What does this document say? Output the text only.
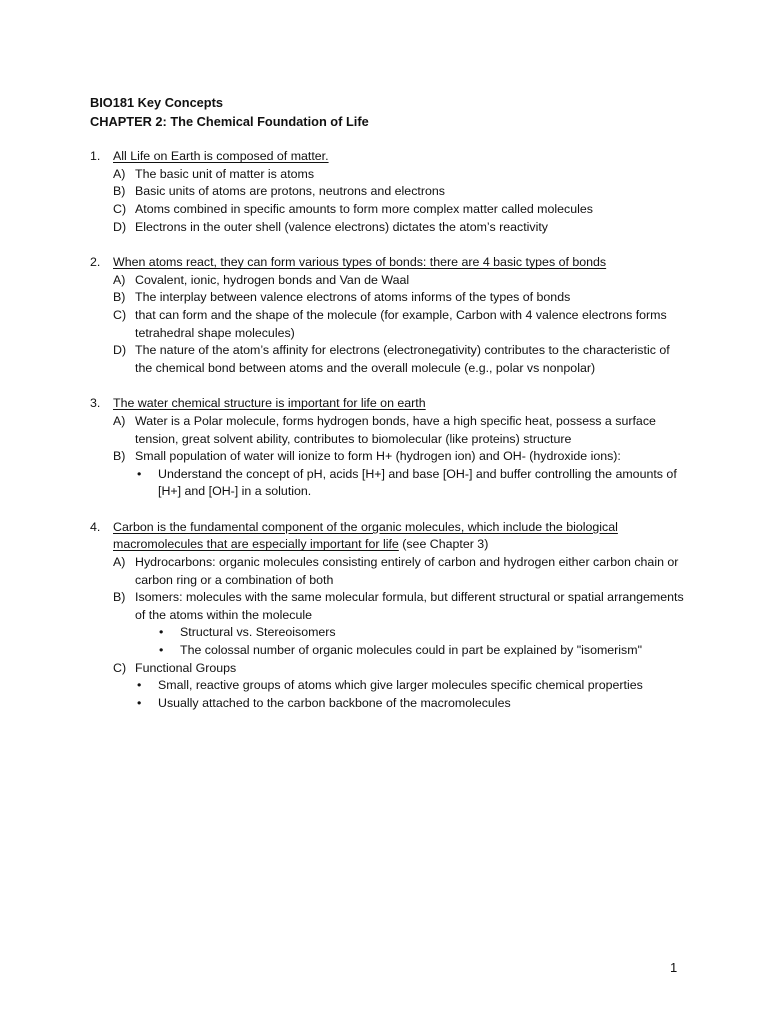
BIO181 Key Concepts
CHAPTER 2: The Chemical Foundation of Life
1. All Life on Earth is composed of matter.
A) The basic unit of matter is atoms
B) Basic units of atoms are protons, neutrons and electrons
C) Atoms combined in specific amounts to form more complex matter called molecules
D) Electrons in the outer shell (valence electrons) dictates the atom’s reactivity
2. When atoms react, they can form various types of bonds: there are 4 basic types of bonds
A) Covalent, ionic, hydrogen bonds and Van de Waal
B) The interplay between valence electrons of atoms informs of the types of bonds
C) that can form and the shape of the molecule (for example, Carbon with 4 valence electrons forms tetrahedral shape molecules)
D) The nature of the atom’s affinity for electrons (electronegativity) contributes to the characteristic of the chemical bond between atoms and the overall molecule (e.g., polar vs nonpolar)
3. The water chemical structure is important for life on earth
A) Water is a Polar molecule, forms hydrogen bonds, have a high specific heat, possess a surface tension, great solvent ability, contributes to biomolecular (like proteins) structure
B) Small population of water will ionize to form H+ (hydrogen ion) and OH- (hydroxide ions):
• Understand the concept of pH, acids [H+] and base [OH-] and buffer controlling the amounts of [H+] and [OH-] in a solution.
4. Carbon is the fundamental component of the organic molecules, which include the biological macromolecules that are especially important for life (see Chapter 3)
A) Hydrocarbons: organic molecules consisting entirely of carbon and hydrogen either carbon chain or carbon ring or a combination of both
B) Isomers: molecules with the same molecular formula, but different structural or spatial arrangements of the atoms within the molecule
• Structural vs. Stereoisomers
• The colossal number of organic molecules could in part be explained by "isomerism"
C) Functional Groups
• Small, reactive groups of atoms which give larger molecules specific chemical properties
• Usually attached to the carbon backbone of the macromolecules
1
